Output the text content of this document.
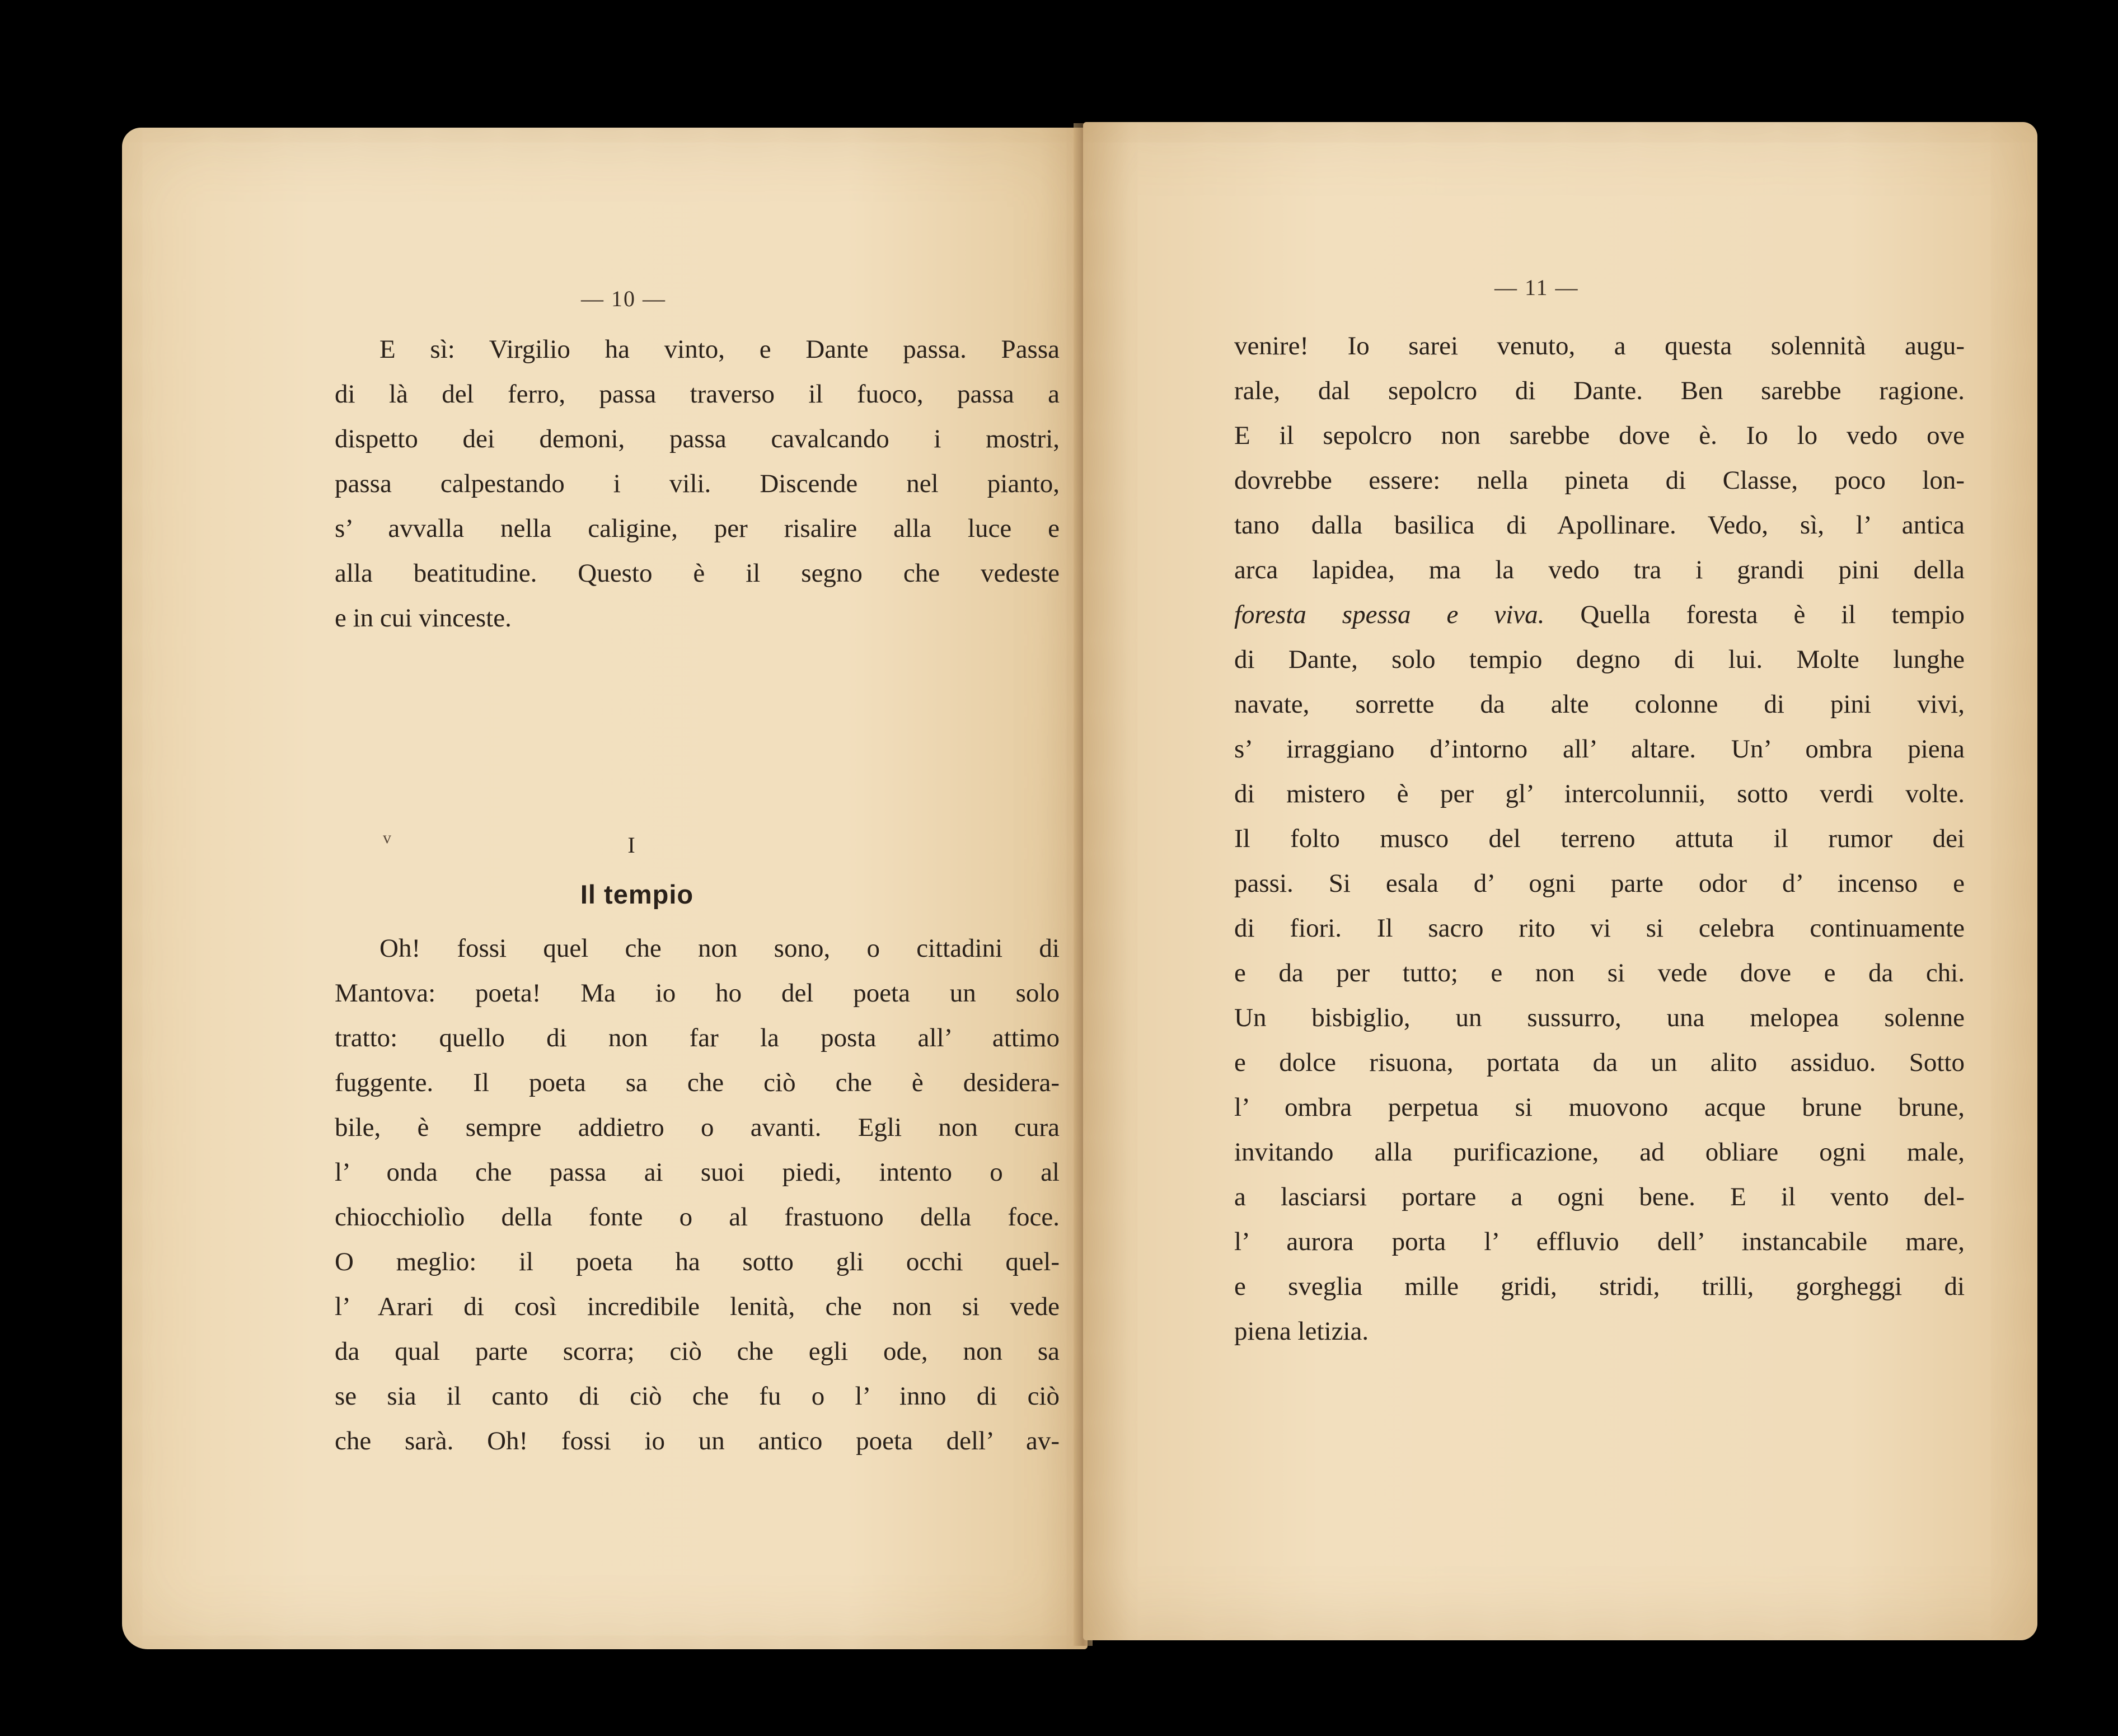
— 10 —
E sì: Virgilio ha vinto, e Dante passa. Passa
di là del ferro, passa traverso il fuoco, passa a
dispetto dei demoni, passa cavalcando i mostri,
passa calpestando i vili. Discende nel pianto,
s’ avvalla nella caligine, per risalire alla luce e
alla beatitudine. Questo è il segno che vedeste
e in cui vinceste.
v	I
Il tempio
Oh! fossi quel che non sono, o cittadini di
Mantova: poeta! Ma io ho del poeta un solo
tratto: quello di non far la posta all’ attimo
fuggente. Il poeta sa che ciò che è desidera-
bile, è sempre addietro o avanti. Egli non cura
l’ onda che passa ai suoi piedi, intento o al
chiocchiolìo della fonte o al frastuono della foce.
O meglio: il poeta ha sotto gli occhi quel-
l’ Arari di così incredibile lenità, che non si vede
da qual parte scorra; ciò che egli ode, non sa
se sia il canto di ciò che fu o l’ inno di ciò
che sarà. Oh! fossi io un antico poeta dell’ av-
— 11 —
venire! Io sarei venuto, a questa solennità augu-
rale, dal sepolcro di Dante. Ben sarebbe ragione.
E il sepolcro non sarebbe dove è. Io lo vedo ove
dovrebbe essere: nella pineta di Classe, poco lon-
tano dalla basilica di Apollinare. Vedo, sì, l’ antica
arca lapidea, ma la vedo tra i grandi pini della
foresta spessa e viva. Quella foresta è il tempio
di Dante, solo tempio degno di lui. Molte lunghe
navate, sorrette da alte colonne di pini vivi,
s’ irraggiano d’intorno all’ altare. Un’ ombra piena
di mistero è per gl’ intercolunnii, sotto verdi volte.
Il folto musco del terreno attuta il rumor dei
passi. Si esala d’ ogni parte odor d’ incenso e
di fiori. Il sacro rito vi si celebra continuamente
e da per tutto; e non si vede dove e da chi.
Un bisbiglio, un sussurro, una melopea solenne
e dolce risuona, portata da un alito assiduo. Sotto
l’ ombra perpetua si muovono acque brune brune,
invitando alla purificazione, ad obliare ogni male,
a lasciarsi portare a ogni bene. E il vento del-
l’ aurora porta l’ effluvio dell’ instancabile mare,
e sveglia mille gridi, stridi, trilli, gorgheggi di
piena letizia.
